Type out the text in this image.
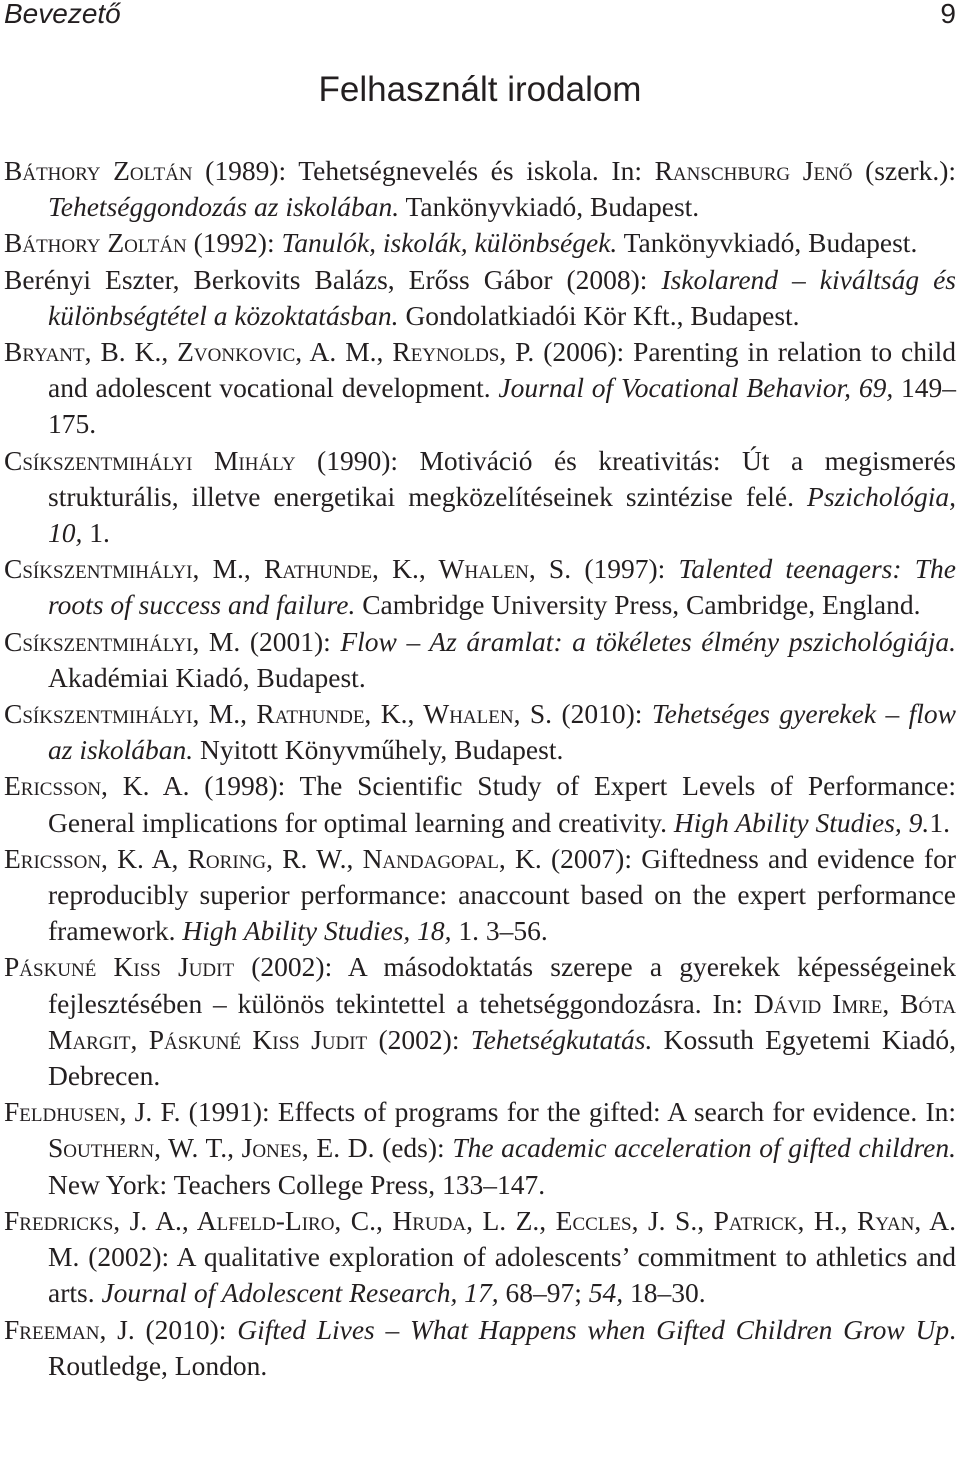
Bevezető	9
Felhasznált irodalom

Báthory Zoltán (1989): Tehetségnevelés és iskola. In: Ranschburg Jenő (szerk.): Tehetséggondozás az iskolában. Tankönyvkiadó, Budapest.

Báthory Zoltán (1992): Tanulók, iskolák, különbségek. Tankönyvkiadó, Budapest.

Berényi Eszter, Berkovits Balázs, Erőss Gábor (2008): Iskolarend – kiváltság és különbségtétel a közoktatásban. Gondolatkiadói Kör Kft., Budapest.

Bryant, B. K., Zvonkovic, A. M., Reynolds, P. (2006): Parenting in relation to child and adolescent vocational development. Journal of Vocational Behavior, 69, 149–175.

Csíkszentmihályi Mihály (1990): Motiváció és kreativitás: Út a megismerés strukturális, illetve energetikai megközelítéseinek szintézise felé. Pszichológia, 10, 1.

Csíkszentmihályi, M., Rathunde, K., Whalen, S. (1997): Talented teenagers: The roots of success and failure. Cambridge University Press, Cambridge, England.

Csíkszentmihályi, M. (2001): Flow – Az áramlat: a tökéletes élmény pszichológiája. Akadémiai Kiadó, Budapest.

Csíkszentmihályi, M., Rathunde, K., Whalen, S. (2010): Tehetséges gyerekek – flow az iskolában. Nyitott Könyvműhely, Budapest.

Ericsson, K. A. (1998): The Scientific Study of Expert Levels of Performance: General implications for optimal learning and creativity. High Ability Studies, 9.1.

Ericsson, K. A, Roring, R. W., Nandagopal, K. (2007): Giftedness and evidence for reproducibly superior performance: anaccount based on the expert performance framework. High Ability Studies, 18, 1. 3–56.

Páskuné Kiss Judit (2002): A másodoktatás szerepe a gyerekek képességeinek fejlesztésében – különös tekintettel a tehetséggondozásra. In: Dávid Imre, Bóta Margit, Páskuné Kiss Judit (2002): Tehetségkutatás. Kossuth Egyetemi Kiadó, Debrecen.

Feldhusen, J. F. (1991): Effects of programs for the gifted: A search for evidence. In: Southern, W. T., Jones, E. D. (eds): The academic acceleration of gifted children. New York: Teachers College Press, 133–147.

Fredricks, J. A., Alfeld-Liro, C., Hruda, L. Z., Eccles, J. S., Patrick, H., Ryan, A. M. (2002): A qualitative exploration of adolescents’ commitment to athletics and arts. Journal of Adolescent Research, 17, 68–97; 54, 18–30.

Freeman, J. (2010): Gifted Lives – What Happens when Gifted Children Grow Up. Routledge, London.
